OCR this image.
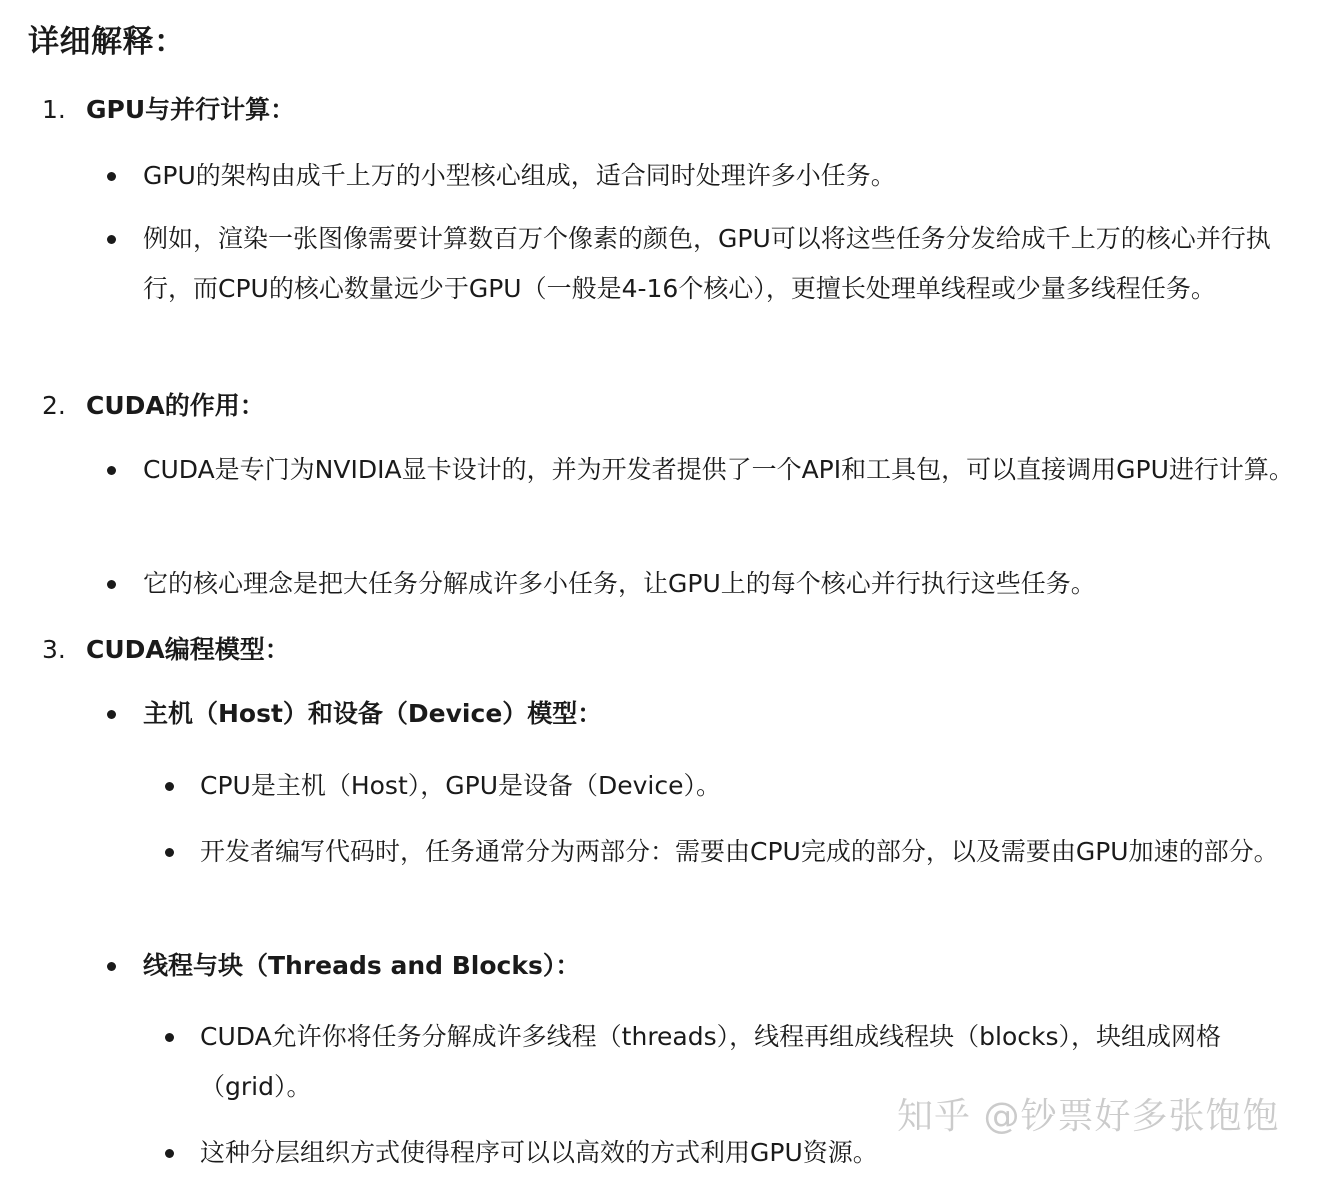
详细解释：
1. GPU与并行计算：
GPU的架构由成千上万的小型核心组成，适合同时处理许多小任务。
例如，渲染一张图像需要计算数百万个像素的颜色，GPU可以将这些任务分发给成千上万的核心并行执行，而CPU的核心数量远少于GPU（一般是4-16个核心），更擅长处理单线程或少量多线程任务。
2. CUDA的作用：
CUDA是专门为NVIDIA显卡设计的，并为开发者提供了一个API和工具包，可以直接调用GPU进行计算。
它的核心理念是把大任务分解成许多小任务，让GPU上的每个核心并行执行这些任务。
3. CUDA编程模型：
主机（Host）和设备（Device）模型：
CPU是主机（Host），GPU是设备（Device）。
开发者编写代码时，任务通常分为两部分：需要由CPU完成的部分，以及需要由GPU加速的部分。
线程与块（Threads and Blocks）：
CUDA允许你将任务分解成许多线程（threads），线程再组成线程块（blocks），块组成网格（grid）。
这种分层组织方式使得程序可以以高效的方式利用GPU资源。
知乎 @钞票好多张饱饱
